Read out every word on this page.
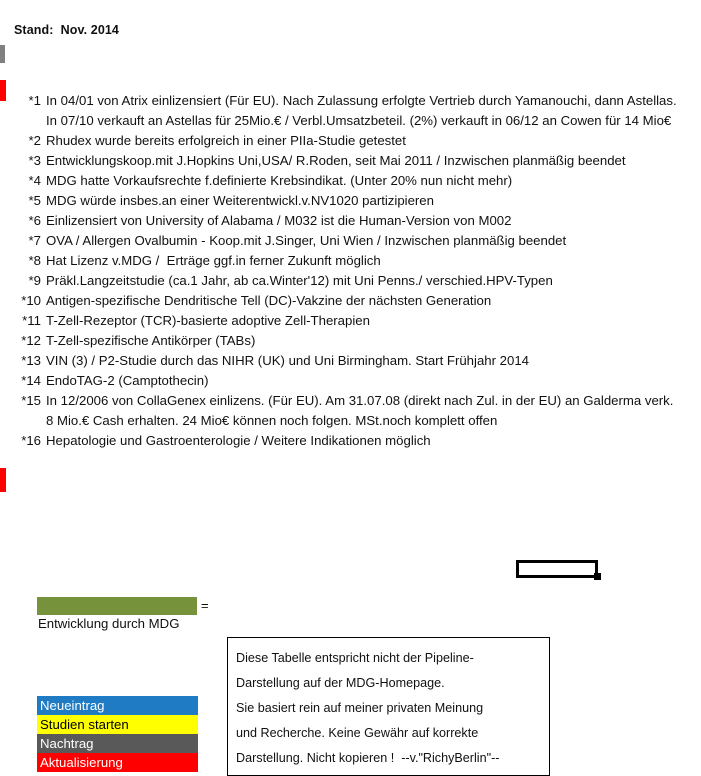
Stand:  Nov. 2014
*1 In 04/01 von Atrix einlizensiert (Für EU). Nach Zulassung erfolgte Vertrieb durch Yamanouchi, dann Astellas.
In 07/10 verkauft an Astellas für 25Mio.€ / Verbl.Umsatzbeteil. (2%) verkauft in 06/12 an Cowen für 14 Mio€
*2 Rhudex wurde bereits erfolgreich in einer PIIa-Studie getestet
*3 Entwicklungskoop.mit J.Hopkins Uni,USA/ R.Roden, seit Mai 2011 / Inzwischen planmäßig beendet
*4 MDG hatte Vorkaufsrechte f.definierte Krebsindikat. (Unter 20% nun nicht mehr)
*5 MDG würde insbes.an einer Weiterentwickl.v.NV1020 partizipieren
*6 Einlizensiert von University of Alabama / M032 ist die Human-Version von M002
*7 OVA / Allergen Ovalbumin - Koop.mit J.Singer, Uni Wien / Inzwischen planmäßig beendet
*8 Hat Lizenz v.MDG /  Erträge ggf.in ferner Zukunft möglich
*9 Präkl.Langzeitstudie (ca.1 Jahr, ab ca.Winter'12) mit Uni Penns./ verschied.HPV-Typen
*10 Antigen-spezifische Dendritische Tell (DC)-Vakzine der nächsten Generation
*11 T-Zell-Rezeptor (TCR)-basierte adoptive Zell-Therapien
*12 T-Zell-spezifische Antikörper (TABs)
*13 VIN (3) / P2-Studie durch das NIHR (UK) und Uni Birmingham. Start Frühjahr 2014
*14 EndoTAG-2 (Camptothecin)
*15 In 12/2006 von CollaGenex einlizens. (Für EU). Am 31.07.08 (direkt nach Zul. in der EU) an Galderma verk.
8 Mio.€ Cash erhalten. 24 Mio€ können noch folgen. MSt.noch komplett offen
*16 Hepatologie und Gastroenterologie / Weitere Indikationen möglich
=
Entwicklung durch MDG
Neueintrag
Studien starten
Nachtrag
Aktualisierung
Diese Tabelle entspricht nicht der Pipeline-
Darstellung auf der MDG-Homepage.
Sie basiert rein auf meiner privaten Meinung
und Recherche. Keine Gewähr auf korrekte
Darstellung. Nicht kopieren !  --v."RichyBerlin"--
